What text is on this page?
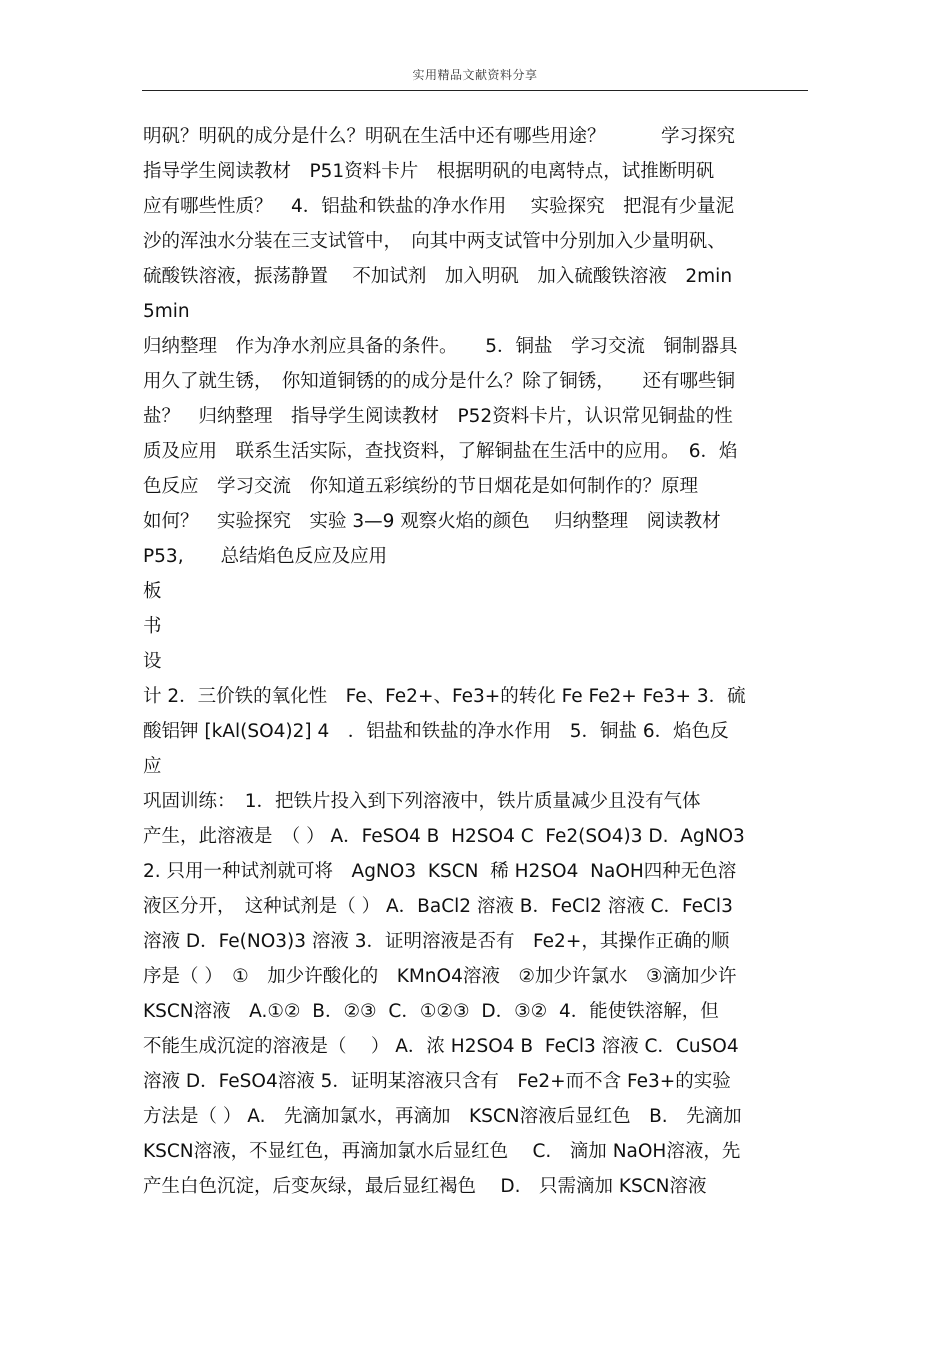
实用精品文献资料分享
明矾？明矾的成分是什么？明矾在生活中还有哪些用途？　　　学习探究
指导学生阅读教材　P51资料卡片　根据明矾的电离特点，试推断明矾
应有哪些性质？　4．铝盐和铁盐的净水作用　 实验探究　把混有少量泥
沙的浑浊水分装在三支试管中，　向其中两支试管中分别加入少量明矾、
硫酸铁溶液，振荡静置　 不加试剂　加入明矾　加入硫酸铁溶液　2min
5min
归纳整理　作为净水剂应具备的条件。　　5．铜盐　学习交流　铜制器具
用久了就生锈，　你知道铜锈的的成分是什么？除了铜锈，　　还有哪些铜
盐？　归纳整理　指导学生阅读教材　P52资料卡片，认识常见铜盐的性
质及应用　联系生活实际，查找资料，了解铜盐在生活中的应用。　6．焰
色反应　学习交流　你知道五彩缤纷的节日烟花是如何制作的？原理
如何？　实验探究　实验 3—9 观察火焰的颜色　 归纳整理　阅读教材
P53,　　总结焰色反应及应用
板
书
设
计 2．三价铁的氧化性　Fe、Fe2+、Fe3+的转化 Fe Fe2+ Fe3+ 3．硫
酸铝钾 [kAl(SO4)2] 4　．铝盐和铁盐的净水作用　5．铜盐 6．焰色反
应
巩固训练：　1．把铁片投入到下列溶液中，铁片质量减少且没有气体
产生，此溶液是　（ ） A．FeSO4 B  H2SO4 C  Fe2(SO4)3 D.  AgNO3
2. 只用一种试剂就可将　AgNO3  KSCN  稀 H2SO4  NaOH四种无色溶
液区分开，　这种试剂是（ ） A．BaCl2 溶液 B．FeCl2 溶液 C．FeCl3
溶液 D．Fe(NO3)3 溶液 3．证明溶液是否有　Fe2+，其操作正确的顺
序是（ ）　①　加少许酸化的　KMnO4溶液　②加少许氯水　③滴加少许
KSCN溶液　A.①②  B．②③  C．①②③  D．③②  4．能使铁溶解，但
不能生成沉淀的溶液是（　 ） A．浓 H2SO4 B  FeCl3 溶液 C．CuSO4
溶液 D．FeSO4溶液 5．证明某溶液只含有　Fe2+而不含 Fe3+的实验
方法是（ ） A.　先滴加氯水，再滴加　KSCN溶液后显红色　B.　先滴加
KSCN溶液，不显红色，再滴加氯水后显红色　 C.　滴加 NaOH溶液，先
产生白色沉淀，后变灰绿，最后显红褐色　 D.　只需滴加 KSCN溶液
